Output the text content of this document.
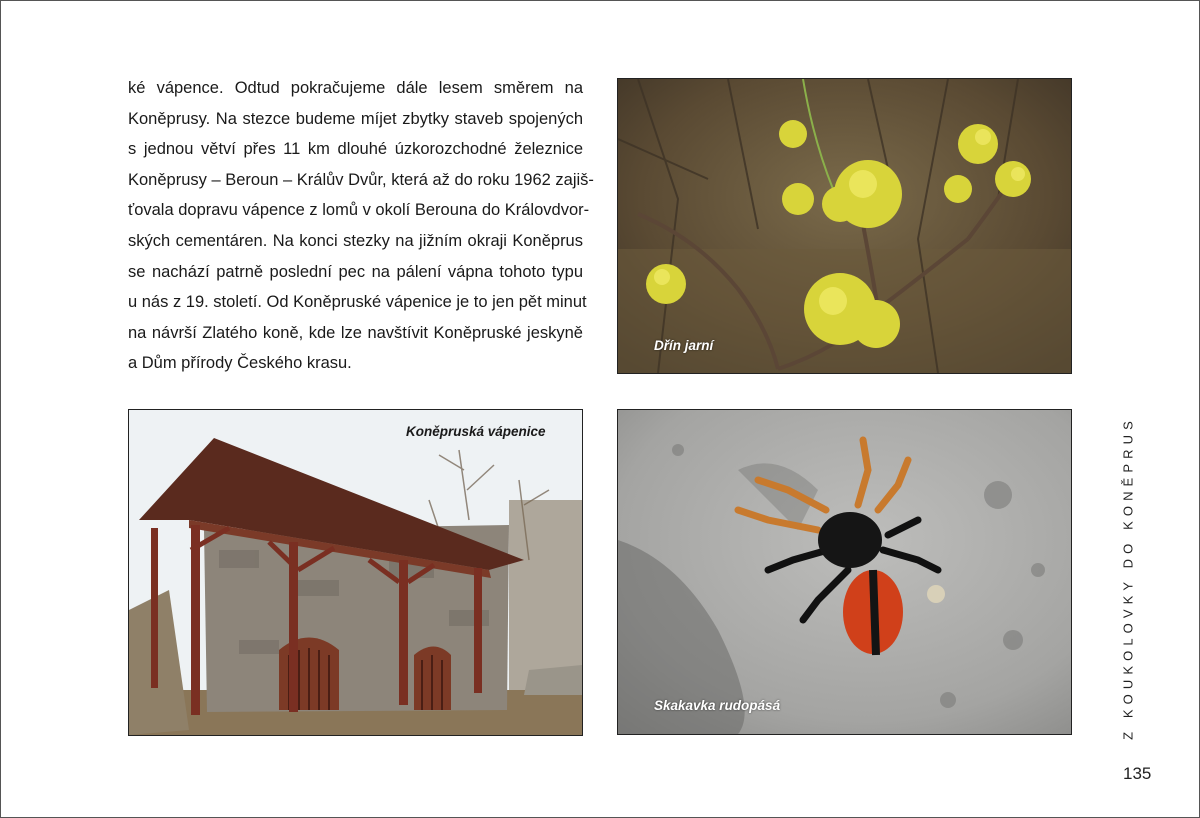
ké vápence. Odtud pokračujeme dále lesem směrem na
Koněprusy. Na stezce budeme míjet zbytky staveb spojených
s jednou větví přes 11 km dlouhé úzkorozchodné železnice
Koněprusy – Beroun – Králův Dvůr, která až do roku 1962 zajiš-
ťovala dopravu vápence z lomů v okolí Berouna do Královdvor-
ských cementáren. Na konci stezky na jižním okraji Koněprus
se nachází patrně poslední pec na pálení vápna tohoto typu
u nás z 19. století. Od Koněpruské vápenice je to jen pět minut
na návrší Zlatého koně, kde lze navštívit Koněpruské jeskyně
a Dům přírody Českého krasu.
Dřín jarní
Koněpruská vápenice
Skakavka rudopásá	Z KOUKOLOVKY DO KONĚPRUS
135
